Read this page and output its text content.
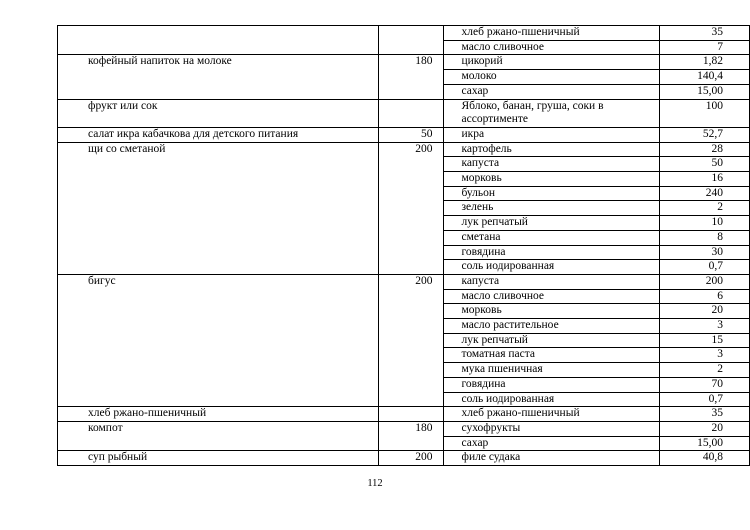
		хлеб ржано-пшеничный	35
		масло сливочное	7
кофейный напиток на молоке	180	цикорий	1,82
		молоко	140,4
		сахар	15,00
фрукт или сок		Яблоко, банан, груша, соки в ассортименте	100
салат икра кабачкова для детского питания	50	икра	52,7
щи со сметаной	200	картофель	28
		капуста	50
		морковь	16
		бульон	240
		зелень	2
		лук репчатый	10
		сметана	8
		говядина	30
		соль иодированная	0,7
бигус	200	капуста	200
		масло сливочное	6
		морковь	20
		масло растительное	3
		лук репчатый	15
		томатная паста	3
		мука пшеничная	2
		говядина	70
		соль иодированная	0,7
хлеб ржано-пшеничный		хлеб ржано-пшеничный	35
компот	180	сухофрукты	20
		сахар	15,00
суп рыбный	200	филе судака	40,8
112
